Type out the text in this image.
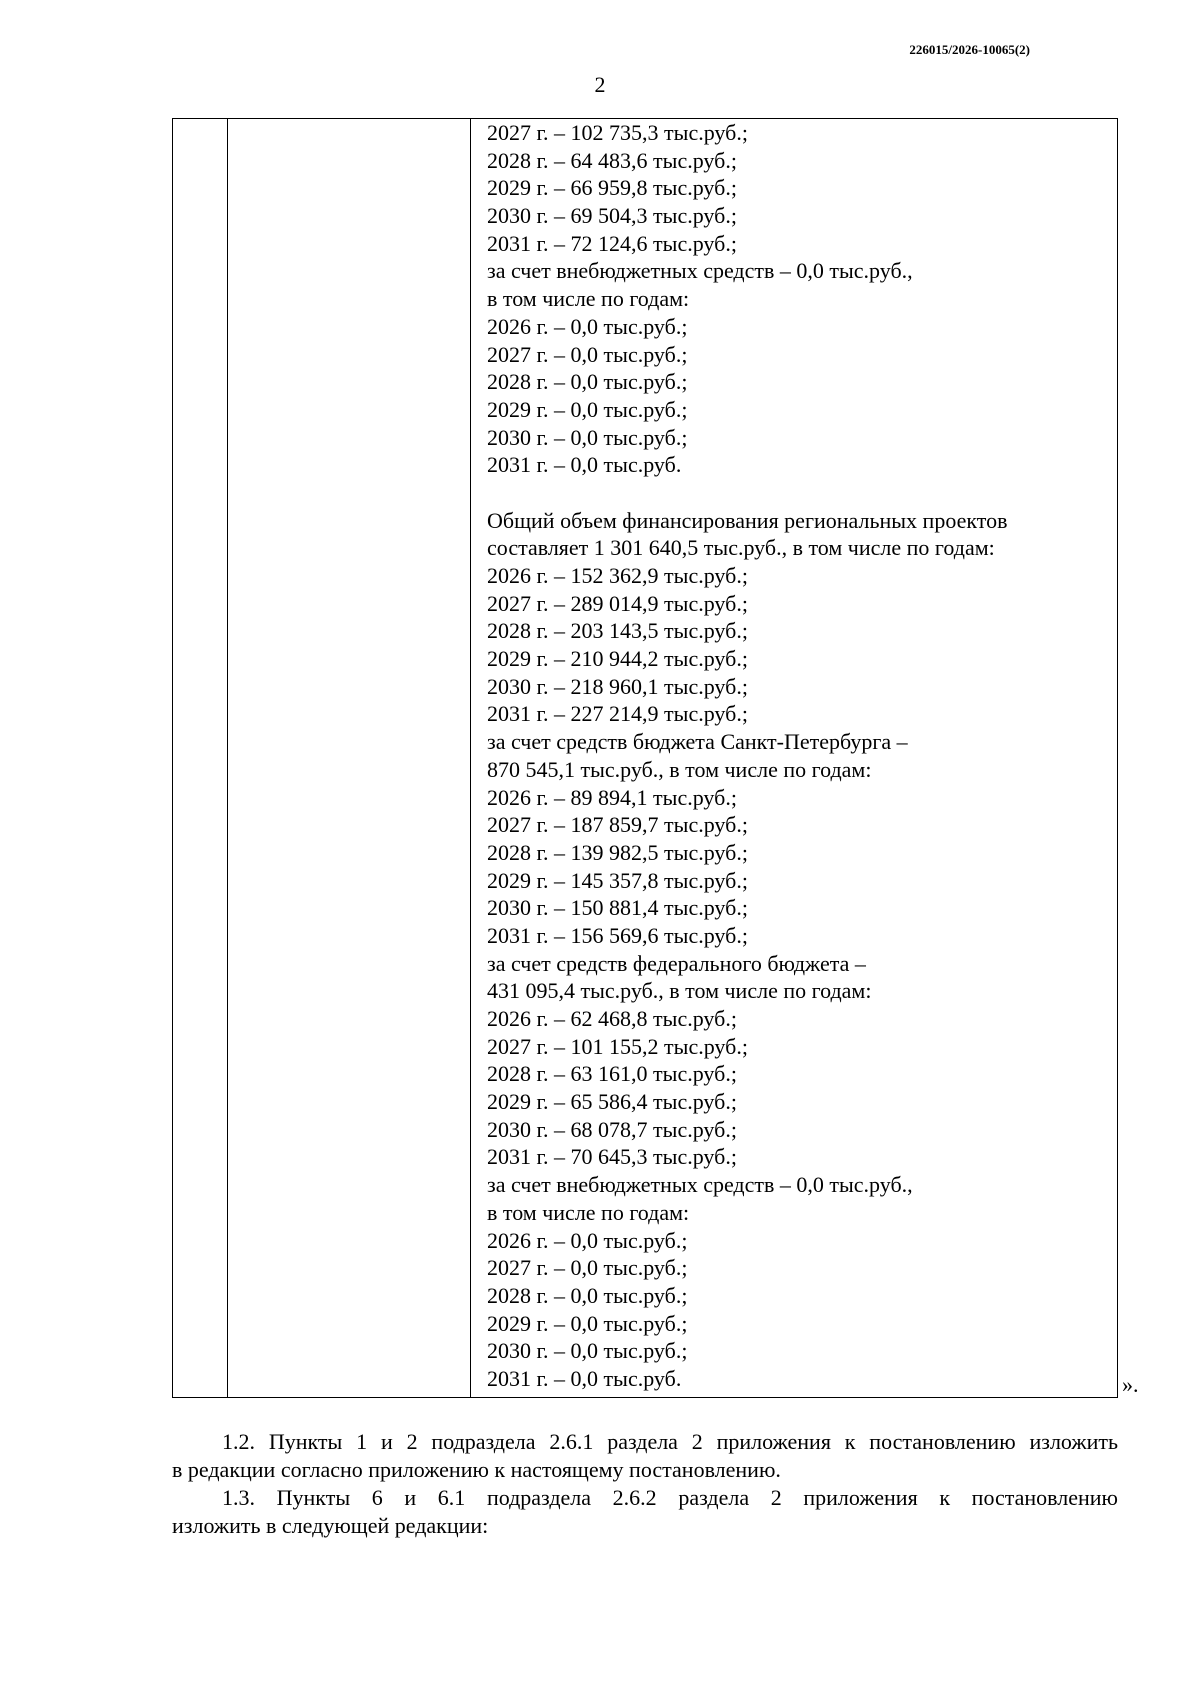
226015/2026-10065(2)
2
2027 г. – 102 735,3 тыс.руб.;
2028 г. – 64 483,6 тыс.руб.;
2029 г. – 66 959,8 тыс.руб.;
2030 г. – 69 504,3 тыс.руб.;
2031 г. – 72 124,6 тыс.руб.;
за счет внебюджетных средств – 0,0 тыс.руб.,
в том числе по годам:
2026 г. – 0,0 тыс.руб.;
2027 г. – 0,0 тыс.руб.;
2028 г. – 0,0 тыс.руб.;
2029 г. – 0,0 тыс.руб.;
2030 г. – 0,0 тыс.руб.;
2031 г. – 0,0 тыс.руб.
Общий объем финансирования региональных проектов
составляет 1 301 640,5 тыс.руб., в том числе по годам:
2026 г. – 152 362,9 тыс.руб.;
2027 г. – 289 014,9 тыс.руб.;
2028 г. – 203 143,5 тыс.руб.;
2029 г. – 210 944,2 тыс.руб.;
2030 г. – 218 960,1 тыс.руб.;
2031 г. – 227 214,9 тыс.руб.;
за счет средств бюджета Санкт-Петербурга –
870 545,1 тыс.руб., в том числе по годам:
2026 г. – 89 894,1 тыс.руб.;
2027 г. – 187 859,7 тыс.руб.;
2028 г. – 139 982,5 тыс.руб.;
2029 г. – 145 357,8 тыс.руб.;
2030 г. – 150 881,4 тыс.руб.;
2031 г. – 156 569,6 тыс.руб.;
за счет средств федерального бюджета –
431 095,4 тыс.руб., в том числе по годам:
2026 г. – 62 468,8 тыс.руб.;
2027 г. – 101 155,2 тыс.руб.;
2028 г. – 63 161,0 тыс.руб.;
2029 г. – 65 586,4 тыс.руб.;
2030 г. – 68 078,7 тыс.руб.;
2031 г. – 70 645,3 тыс.руб.;
за счет внебюджетных средств – 0,0 тыс.руб.,
в том числе по годам:
2026 г. – 0,0 тыс.руб.;
2027 г. – 0,0 тыс.руб.;
2028 г. – 0,0 тыс.руб.;
2029 г. – 0,0 тыс.руб.;
2030 г. – 0,0 тыс.руб.;
2031 г. – 0,0 тыс.руб.	».
1.2. Пункты 1 и 2 подраздела 2.6.1 раздела 2 приложения к постановлению изложить
в редакции согласно приложению к настоящему постановлению.
1.3. Пункты 6 и 6.1 подраздела 2.6.2 раздела 2 приложения к постановлению
изложить в следующей редакции:
